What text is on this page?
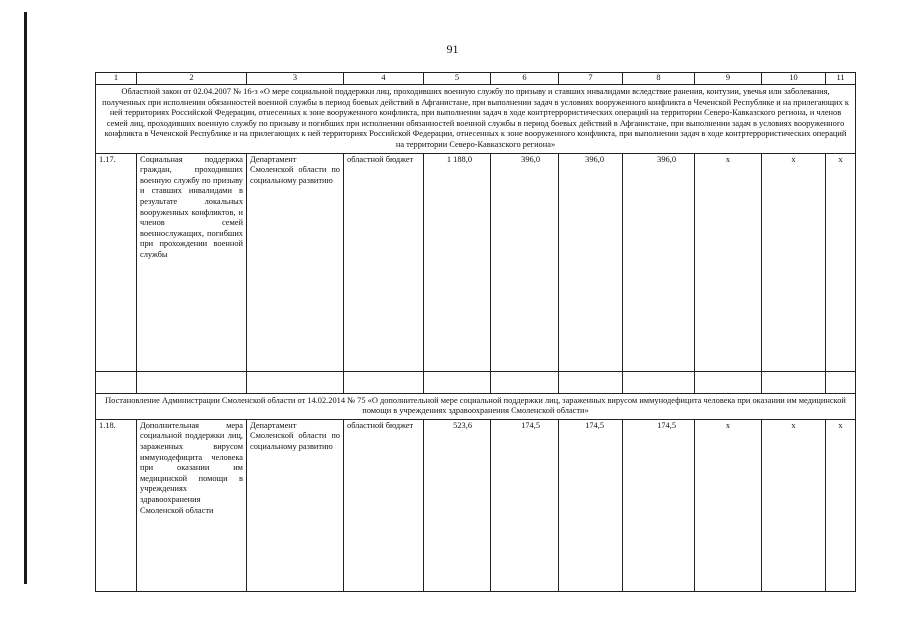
91
1	2	3	4	5	6	7	8	9	10	11
Областной закон от 02.04.2007 № 16-з «О мере социальной поддержки лиц, проходивших военную службу по призыву и ставших инвалидами вследствие ранения, контузии, увечья или заболевания, полученных при исполнении обязанностей военной службы в период боевых действий в Афганистане, при выполнении задач в условиях вооруженного конфликта в Чеченской Республике и на прилегающих к ней территориях Российской Федерации, отнесенных к зоне вооруженного конфликта, при выполнении задач в ходе контртеррористических операций на территории Северо-Кавказского региона, и членов семей лиц, проходивших военную службу по призыву и погибших при исполнении обязанностей военной службы в период боевых действий в Афганистане, при выполнении задач в условиях вооруженного конфликта в Чеченской Республике и на прилегающих к ней территориях Российской Федерации, отнесенных к зоне вооруженного конфликта, при выполнении задач в ходе контртеррористических операций на территории Северо-Кавказского региона»										
1.17.	Социальная поддержка граждан, проходивших военную службу по призыву и ставших инвалидами в результате локальных вооруженных конфликтов, и членов семей военнослужащих, погибших при прохождении военной службы	Департамент Смоленской области по социальному развитию	областной бюджет	1 188,0	396,0	396,0	396,0	x	x	x

Постановление Администрации Смоленской области от 14.02.2014 № 75 «О дополнительной мере социальной поддержки лиц, зараженных вирусом иммунодефицита человека при оказании им медицинской помощи в учреждениях здравоохранения Смоленской области»										
1.18.	Дополнительная мера социальной поддержки лиц, зараженных вирусом иммунодефицита человека при оказании им медицинской помощи в учреждениях здравоохранения Смоленской области	Департамент Смоленской области по социальному развитию	областной бюджет	523,6	174,5	174,5	174,5	x	x	x
